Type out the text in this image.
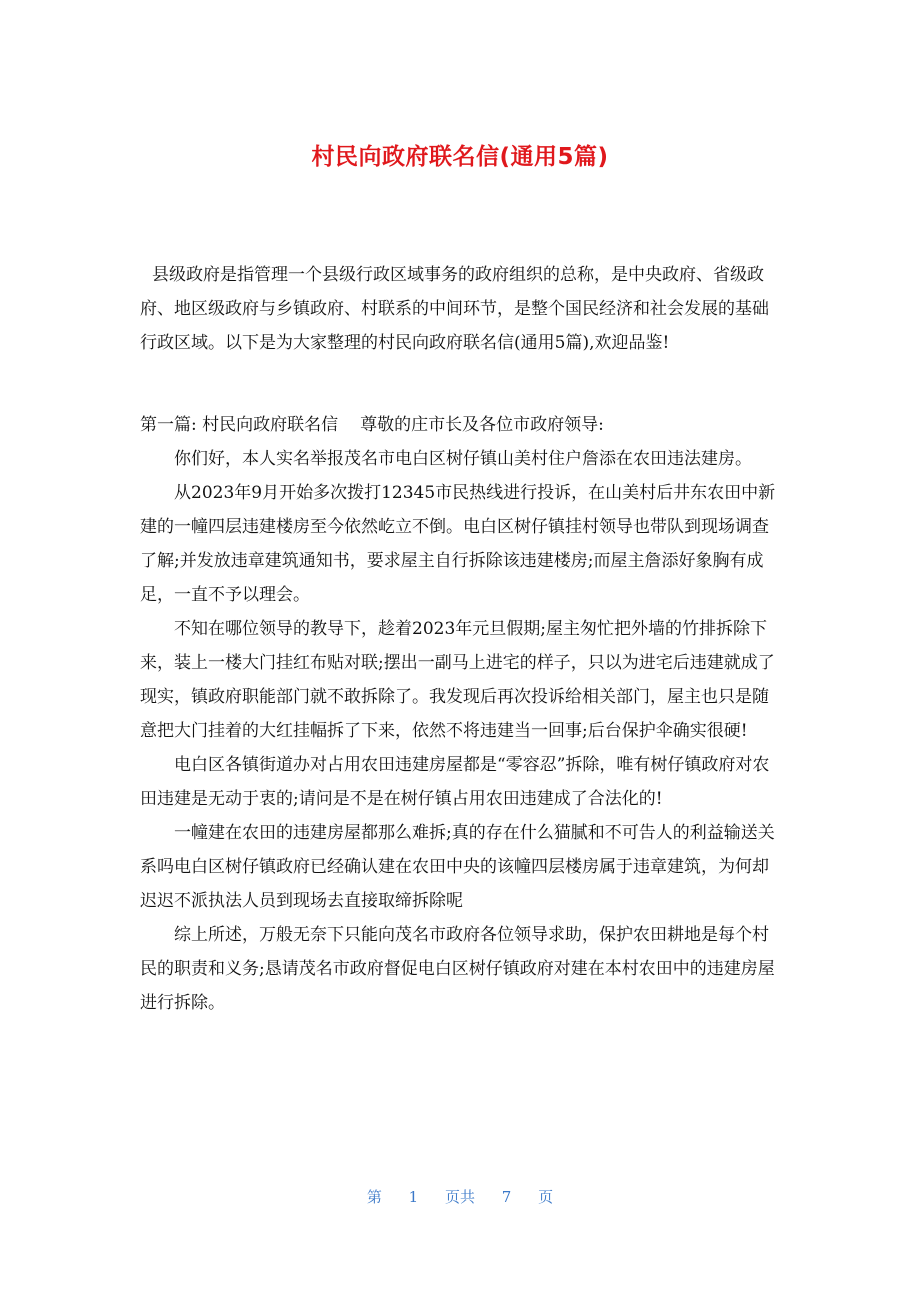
村民向政府联名信(通用5篇)

县级政府是指管理一个县级行政区域事务的政府组织的总称，是中央政府、省级政府、地区级政府与乡镇政府、村联系的中间环节，是整个国民经济和社会发展的基础行政区域。以下是为大家整理的村民向政府联名信(通用5篇),欢迎品鉴!

第一篇: 村民向政府联名信 尊敬的庄市长及各位市政府领导:

你们好，本人实名举报茂名市电白区树仔镇山美村住户詹添在农田违法建房。

从2023年9月开始多次拨打12345市民热线进行投诉，在山美村后井东农田中新建的一幢四层违建楼房至今依然屹立不倒。电白区树仔镇挂村领导也带队到现场调查了解;并发放违章建筑通知书，要求屋主自行拆除该违建楼房;而屋主詹添好象胸有成足，一直不予以理会。

不知在哪位领导的教导下，趁着2023年元旦假期;屋主匆忙把外墙的竹排拆除下来，装上一楼大门挂红布贴对联;摆出一副马上进宅的样子，只以为进宅后违建就成了现实，镇政府职能部门就不敢拆除了。我发现后再次投诉给相关部门，屋主也只是随意把大门挂着的大红挂幅拆了下来，依然不将违建当一回事;后台保护伞确实很硬!

电白区各镇街道办对占用农田违建房屋都是“零容忍”拆除，唯有树仔镇政府对农田违建是无动于衷的;请问是不是在树仔镇占用农田违建成了合法化的!

一幢建在农田的违建房屋都那么难拆;真的存在什么猫腻和不可告人的利益输送关系吗电白区树仔镇政府已经确认建在农田中央的该幢四层楼房属于违章建筑，为何却迟迟不派执法人员到现场去直接取缔拆除呢

综上所述，万般无奈下只能向茂名市政府各位领导求助，保护农田耕地是每个村民的职责和义务;恳请茂名市政府督促电白区树仔镇政府对建在本村农田中的违建房屋进行拆除。

第 1 页共 7 页
